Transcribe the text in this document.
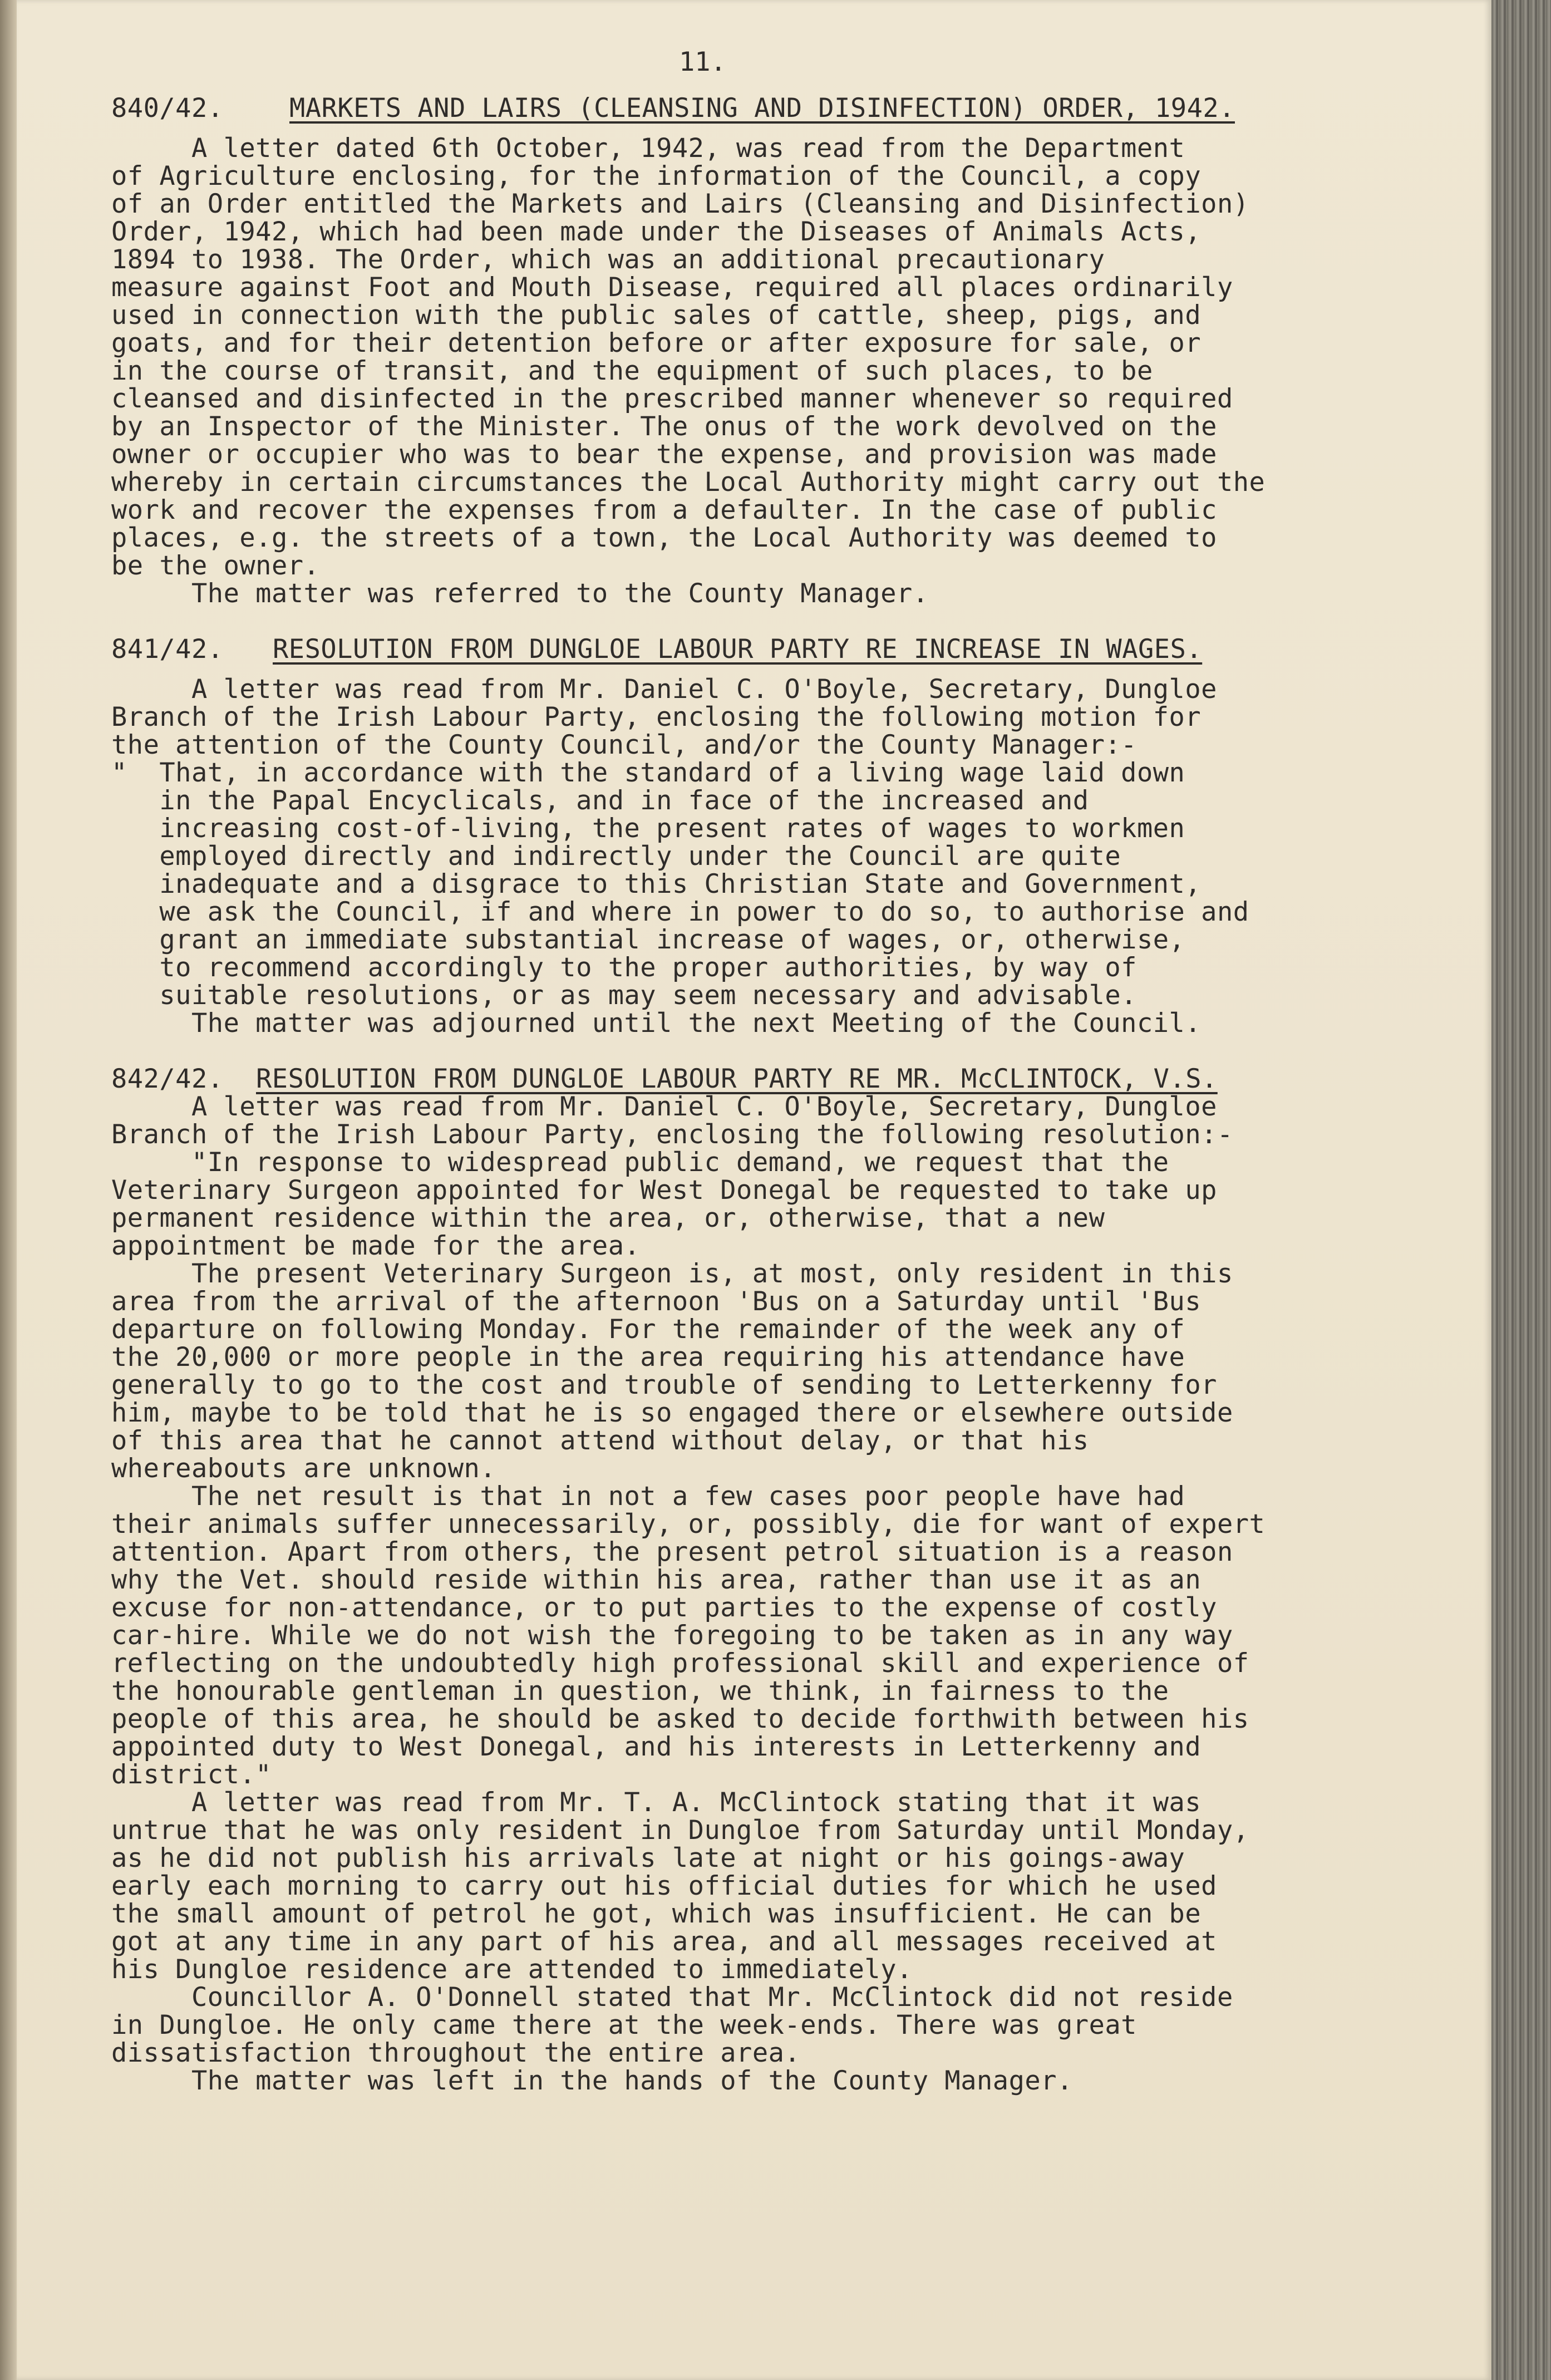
11.

840/42.

	MARKETS AND LAIRS (CLEANSING AND DISINFECTION) ORDER, 1942.

A letter dated 6th October, 1942, was read from the Department

of Agriculture enclosing, for the information of the Council, a copy

of an Order entitled the Markets and Lairs (Cleansing and Disinfection)

Order, 1942, which had been made under the Diseases of Animals Acts,

1894 to 1938. The Order, which was an additional precautionary

measure against Foot and Mouth Disease, required all places ordinarily

used in connection with the public sales of cattle, sheep, pigs, and

goats, and for their detention before or after exposure for sale, or

in the course of transit, and the equipment of such places, to be

cleansed and disinfected in the prescribed manner whenever so required

by an Inspector of the Minister. The onus of the work devolved on the

owner or occupier who was to bear the expense, and provision was made

whereby in certain circumstances the Local Authority might carry out the

work and recover the expenses from a defaulter. In the case of public

places, e.g. the streets of a town, the Local Authority was deemed to

be the owner.

The matter was referred to the County Manager.

841/42.

RESOLUTION FROM DUNGLOE LABOUR PARTY RE INCREASE IN WAGES.

A letter was read from Mr. Daniel C. O'Boyle, Secretary, Dungloe

Branch of the Irish Labour Party, enclosing the following motion for

the attention of the County Council, and/or the County Manager:-

"  That, in accordance with the standard of a living wage laid down

in the Papal Encyclicals, and in face of the increased and

increasing cost-of-living, the present rates of wages to workmen

employed directly and indirectly under the Council are quite

inadequate and a disgrace to this Christian State and Government,

we ask the Council, if and where in power to do so, to authorise and

grant an immediate substantial increase of wages, or, otherwise,

to recommend accordingly to the proper authorities, by way of

suitable resolutions, or as may seem necessary and advisable.

The matter was adjourned until the next Meeting of the Council.

842/42.

RESOLUTION FROM DUNGLOE LABOUR PARTY RE MR. McCLINTOCK, V.S.

A letter was read from Mr. Daniel C. O'Boyle, Secretary, Dungloe

Branch of the Irish Labour Party, enclosing the following resolution:-

"In response to widespread public demand, we request that the

Veterinary Surgeon appointed for West Donegal be requested to take up

permanent residence within the area, or, otherwise, that a new

appointment be made for the area.

The present Veterinary Surgeon is, at most, only resident in this

area from the arrival of the afternoon 'Bus on a Saturday until 'Bus

departure on following Monday. For the remainder of the week any of

the 20,000 or more people in the area requiring his attendance have

generally to go to the cost and trouble of sending to Letterkenny for

him, maybe to be told that he is so engaged there or elsewhere outside

of this area that he cannot attend without delay, or that his

whereabouts are unknown.

The net result is that in not a few cases poor people have had

their animals suffer unnecessarily, or, possibly, die for want of expert

attention. Apart from others, the present petrol situation is a reason

why the Vet. should reside within his area, rather than use it as an

excuse for non-attendance, or to put parties to the expense of costly

car-hire. While we do not wish the foregoing to be taken as in any way

reflecting on the undoubtedly high professional skill and experience of

the honourable gentleman in question, we think, in fairness to the

people of this area, he should be asked to decide forthwith between his

appointed duty to West Donegal, and his interests in Letterkenny and

district."

A letter was read from Mr. T. A. McClintock stating that it was

untrue that he was only resident in Dungloe from Saturday until Monday,

as he did not publish his arrivals late at night or his goings-away

early each morning to carry out his official duties for which he used

the small amount of petrol he got, which was insufficient. He can be

got at any time in any part of his area, and all messages received at

his Dungloe residence are attended to immediately.

Councillor A. O'Donnell stated that Mr. McClintock did not reside

in Dungloe. He only came there at the week-ends. There was great

dissatisfaction throughout the entire area.

The matter was left in the hands of the County Manager.
